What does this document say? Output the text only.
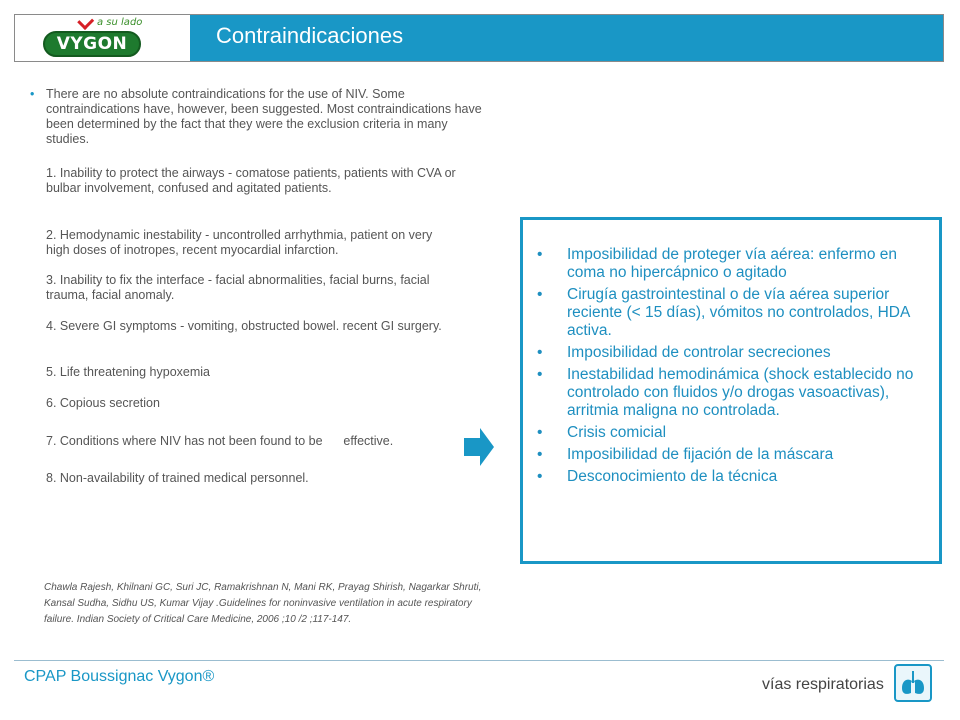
a su lado
VYGON	Contraindicaciones
• There are no absolute contraindications for the use of NIV. Some contraindications have, however, been suggested. Most contraindications have been determined by the fact that they were the exclusion criteria in many studies.
1. Inability to protect the airways - comatose patients, patients with CVA or bulbar involvement, confused and agitated patients.
2. Hemodynamic inestability - uncontrolled arrhythmia, patient on very high doses of inotropes, recent myocardial infarction.
3. Inability to fix the interface - facial abnormalities, facial burns, facial trauma, facial anomaly.
4. Severe GI symptoms - vomiting, obstructed bowel. recent GI surgery.
5. Life threatening hypoxemia
6. Copious secretion
7. Conditions where NIV has not been found to be      effective.
8. Non-availability of trained medical personnel.
Chawla Rajesh, Khilnani GC, Suri JC, Ramakrishnan N, Mani RK, Prayag Shirish, Nagarkar Shruti, Kansal Sudha, Sidhu US, Kumar Vijay .Guidelines for noninvasive ventilation in acute respiratory failure. Indian Society of Critical Care Medicine, 2006 ;10 /2 ;117-147.
• Imposibilidad de proteger vía aérea: enfermo en coma no hipercápnico o agitado
• Cirugía gastrointestinal o de vía aérea superior reciente (< 15 días), vómitos no controlados, HDA activa.
• Imposibilidad de controlar secreciones
• Inestabilidad hemodinámica (shock establecido no controlado con fluidos y/o drogas vasoactivas), arritmia maligna no controlada.
• Crisis comicial
• Imposibilidad de fijación de la máscara
• Desconocimiento de la técnica
CPAP Boussignac Vygon®	vías respiratorias
